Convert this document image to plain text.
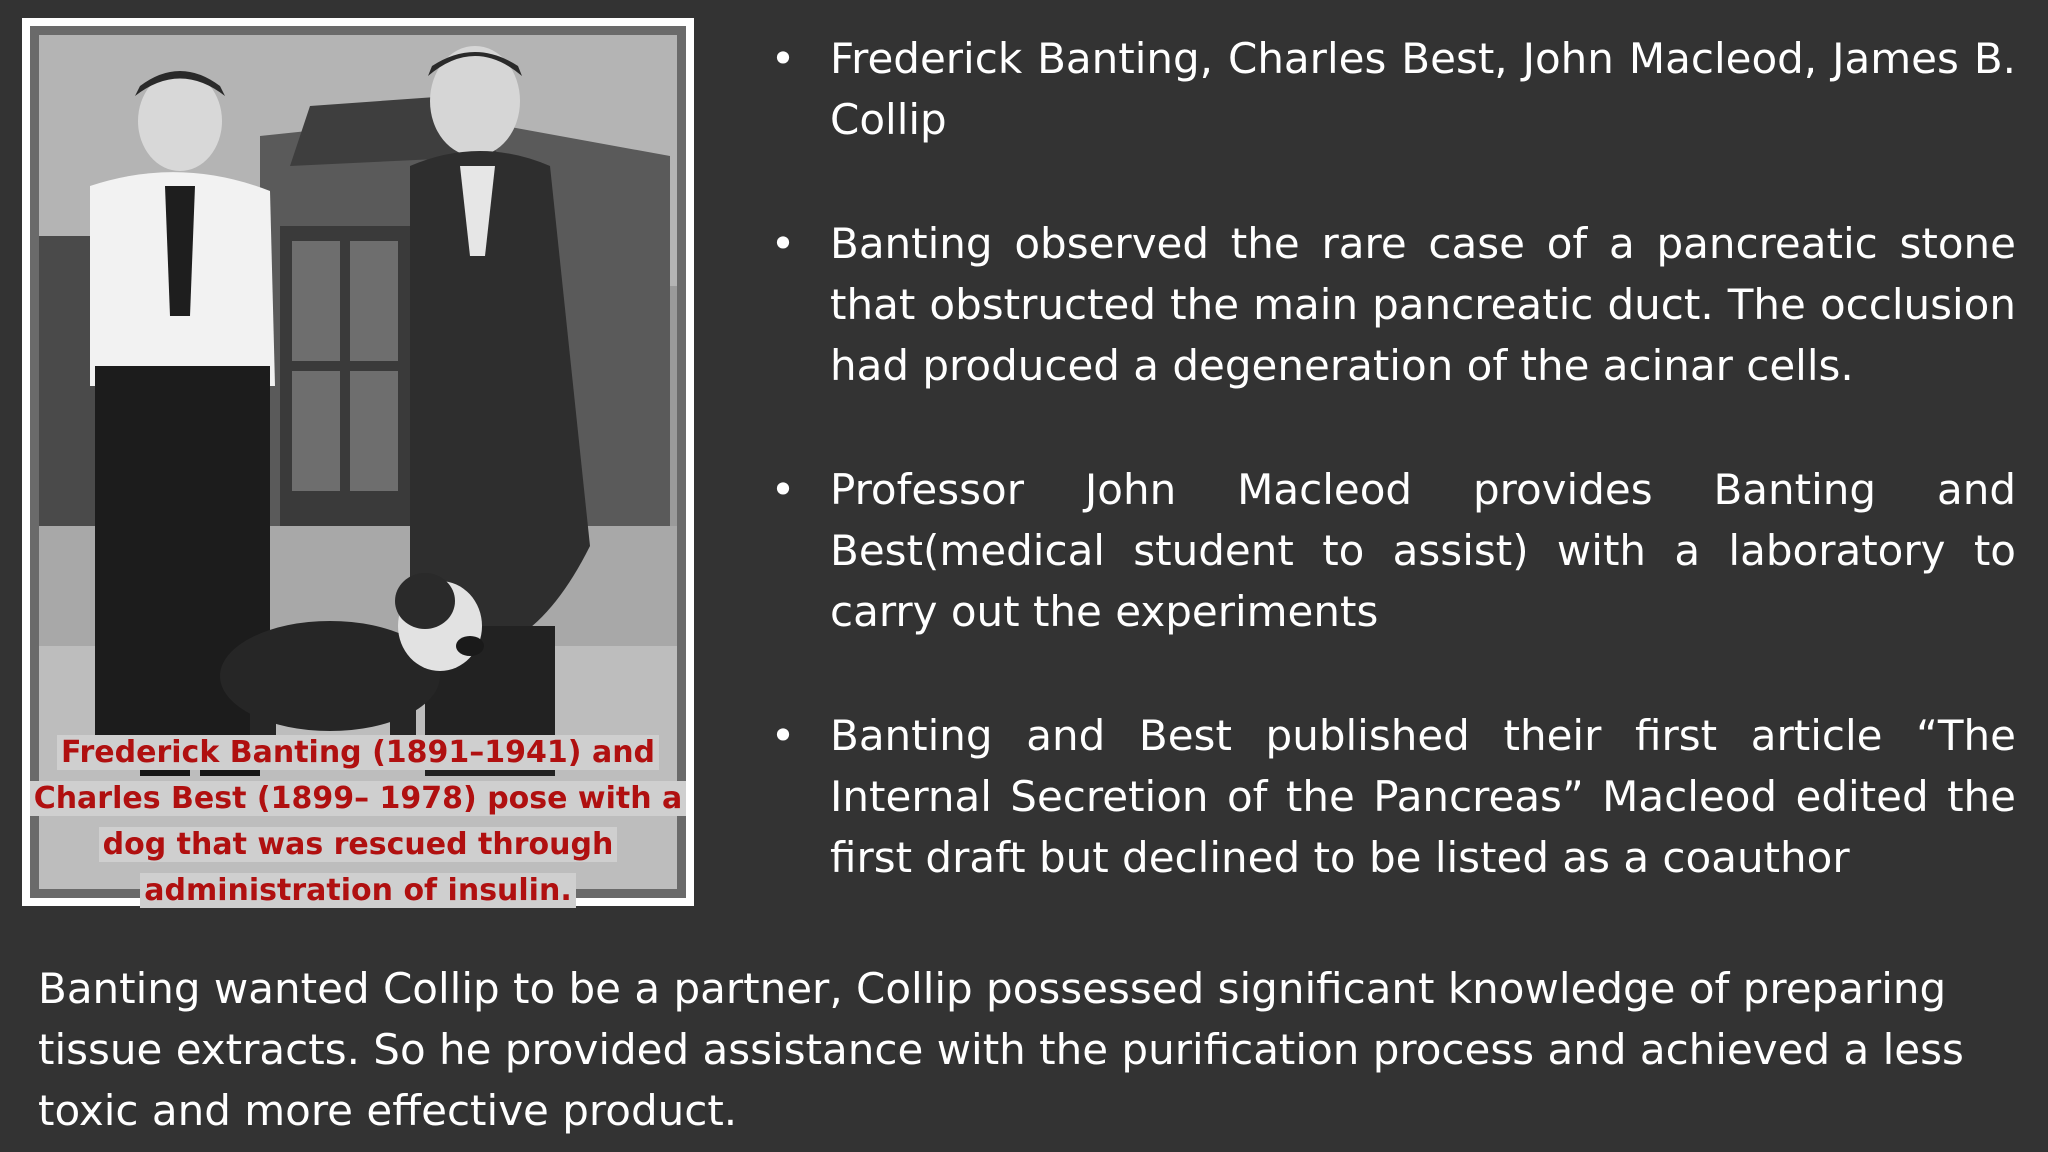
Frederick Banting (1891–1941) and Charles Best (1899– 1978) pose with a dog that was rescued through administration of insulin.
• Frederick Banting, Charles Best, John Macleod, James B. Collip
• Banting observed the rare case of a pancreatic stone that obstructed the main pancreatic duct. The occlusion had produced a degeneration of the acinar cells.
• Professor John Macleod provides Banting and Best(medical student to assist) with a laboratory to carry out the experiments
• Banting and Best published their first article “The Internal Secretion of the Pancreas” Macleod edited the first draft but declined to be listed as a coauthor

Banting wanted Collip to be a partner, Collip possessed significant knowledge of preparing tissue extracts. So he provided assistance with the purification process and achieved a less toxic and more effective product.
